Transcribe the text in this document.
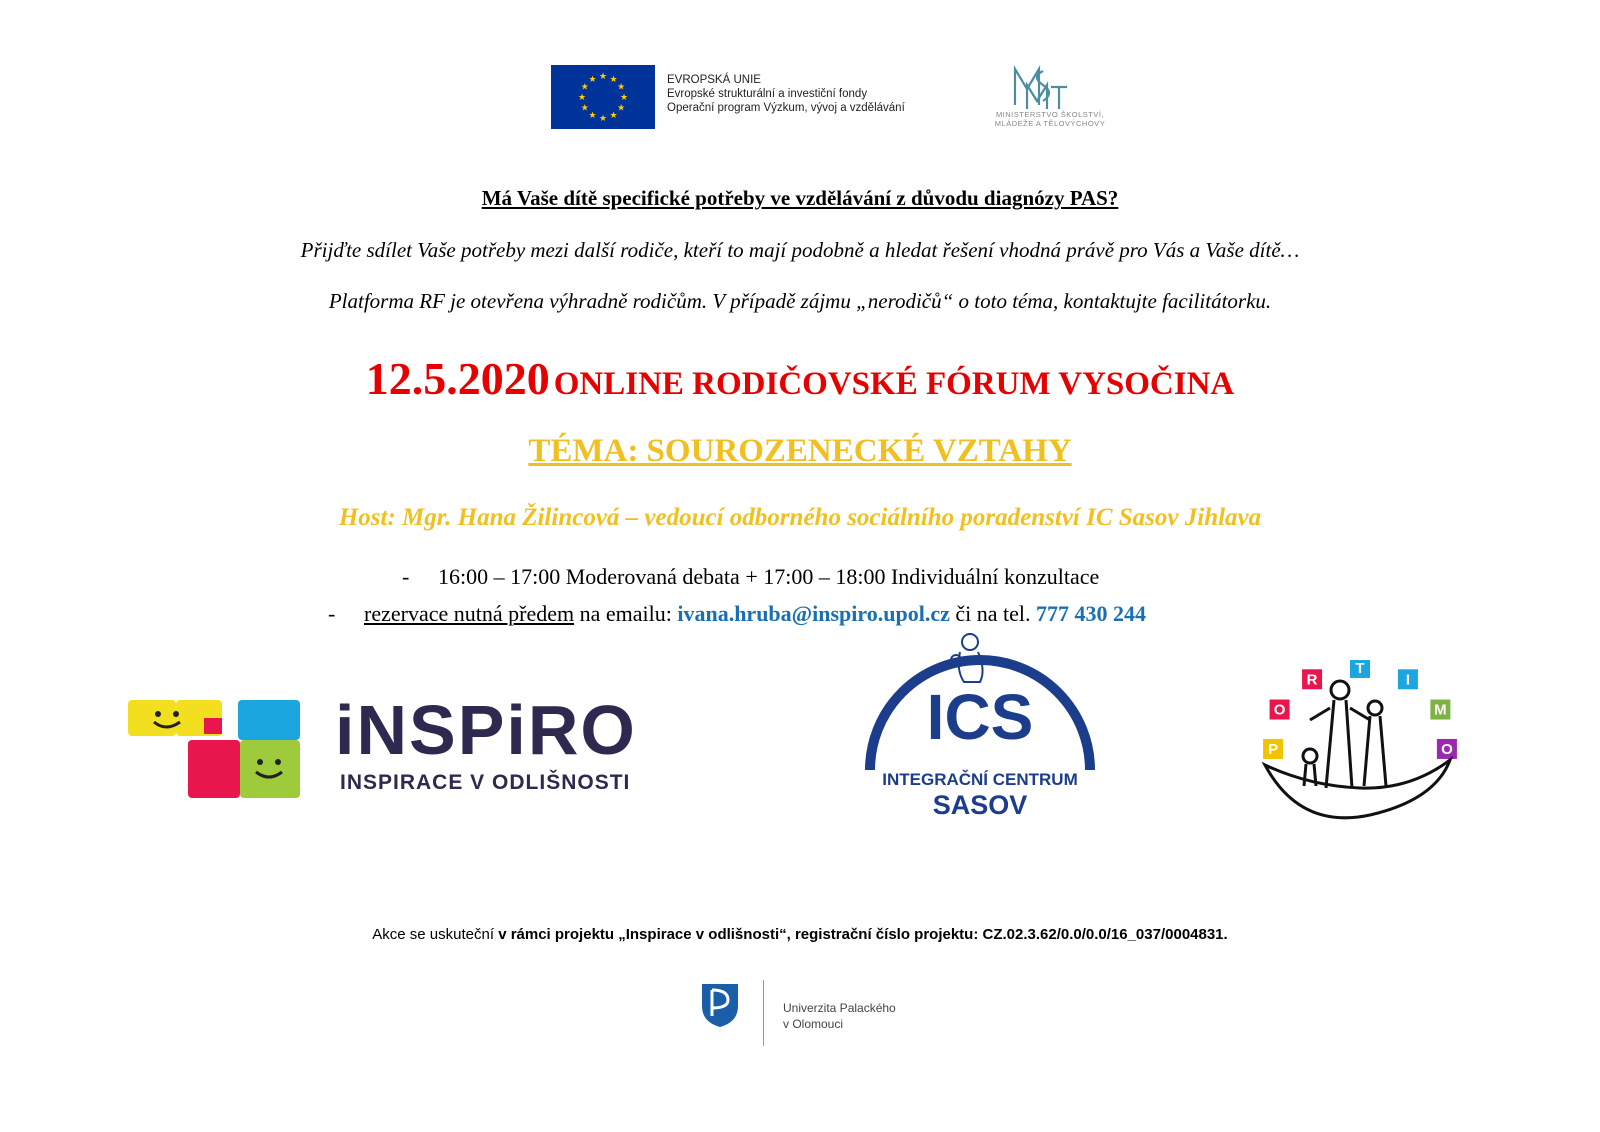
★
★
★
★
★
★
★
★
★ ★ ★
★
EVROPSKÁ UNIE
Evropské strukturální a investiční fondy
Operační program Výzkum, vývoj a vzdělávání
MINISTERSTVO ŠKOLSTVÍ,
MLÁDEŽE A TĚLOVÝCHOVY
Má Vaše dítě specifické potřeby ve vzdělávání z důvodu diagnózy PAS?
Přijďte sdílet Vaše potřeby mezi další rodiče, kteří to mají podobně a hledat řešení vhodná právě pro Vás a Vaše dítě…
Platforma RF je otevřena výhradně rodičům. V případě zájmu „nerodičů“ o toto téma, kontaktujte facilitátorku.
12.5.2020 ONLINE RODIČOVSKÉ FÓRUM VYSOČINA
TÉMA: SOUROZENECKÉ VZTAHY
Host: Mgr. Hana Žilincová – vedoucí odborného sociálního poradenství IC Sasov Jihlava
- 16:00 – 17:00 Moderovaná debata + 17:00 – 18:00 Individuální konzultace
- rezervace nutná předem na emailu: ivana.hruba@inspiro.upol.cz či na tel. 777 430 244
iNSPiRO
INSPIRACE V ODLIŠNOSTI
ICS
INTEGRAČNÍ CENTRUM
SASOV
P
O
R
T
I
M
O
Akce se uskuteční v rámci projektu „Inspirace v odlišnosti“, registrační číslo projektu: CZ.02.3.62/0.0/0.0/16_037/0004831.
Univerzita Palackého
v Olomouci
